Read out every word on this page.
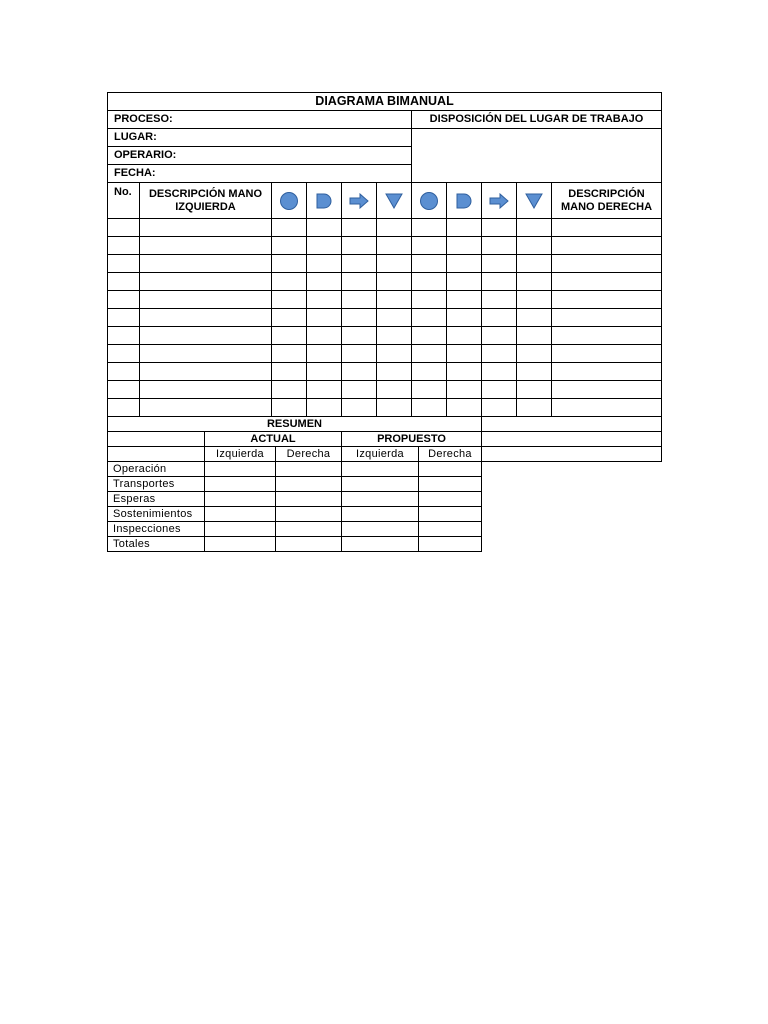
DIAGRAMA BIMANUAL	
PROCESO:	DISPOSICIÓN DEL LUGAR DE TRABAJO
LUGAR:	
OPERARIO:	
FECHA:	
No.	DESCRIPCIÓN MANO IZQUIERDA									DESCRIPCIÓN MANO DERECHA

RESUMEN					
	ACTUAL		PROPUESTO		
	Izquierda	Derecha	Izquierda	Derecha	
Operación					
Transportes					
Esperas					
Sostenimientos					
Inspecciones					
Totales					
